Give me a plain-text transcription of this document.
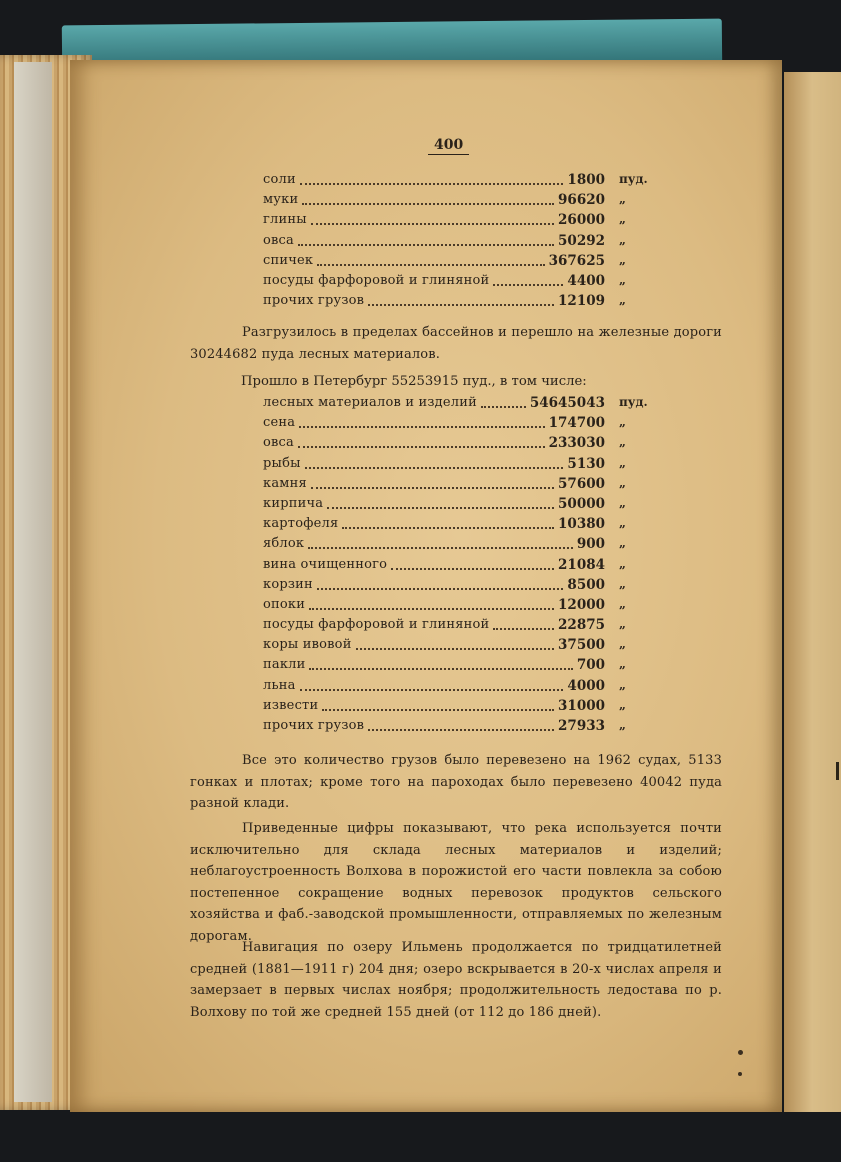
400
соли	1800 пуд.
муки	96620 „
глины	26000 „
овса	50292 „
спичек	367625 „
посуды фарфоровой и глиняной	4400 „
прочих грузов	12109 „
Разгрузилось в пределах бассейнов и перешло на железные дороги 30244682 пуда лесных материалов.
Прошло в Петербург 55253915 пуд., в том числе:
лесных материалов и изделий	54645043 пуд.
сена	174700 „
овса	233030 „
рыбы	5130 „
камня	57600 „
кирпича	50000 „
картофеля	10380 „
яблок	900 „
вина очищенного	21084 „
корзин	8500 „
опоки	12000 „
посуды фарфоровой и глиняной	22875 „
коры ивовой	37500 „
пакли	700 „
льна	4000 „
извести	31000 „
прочих грузов	27933 „
Все это количество грузов было перевезено на 1962 судах, 5133 гонках и плотах; кроме того на пароходах было перевезено 40042 пуда разной клади.
Приведенные цифры показывают, что река используется почти исключительно для склада лесных материалов и изделий; неблагоустроенность Волхова в порожистой его части повлекла за собою постепенное сокращение водных перевозок продуктов сельского хозяйства и фаб.-заводской промышленности, отправляемых по железным дорогам.
Навигация по озеру Ильмень продолжается по тридцатилетней средней (1881—1911 г) 204 дня; озеро вскрывается в 20-х числах апреля и замерзает в первых числах ноября; продолжительность ледостава по р. Волхову по той же средней 155 дней (от 112 до 186 дней).
